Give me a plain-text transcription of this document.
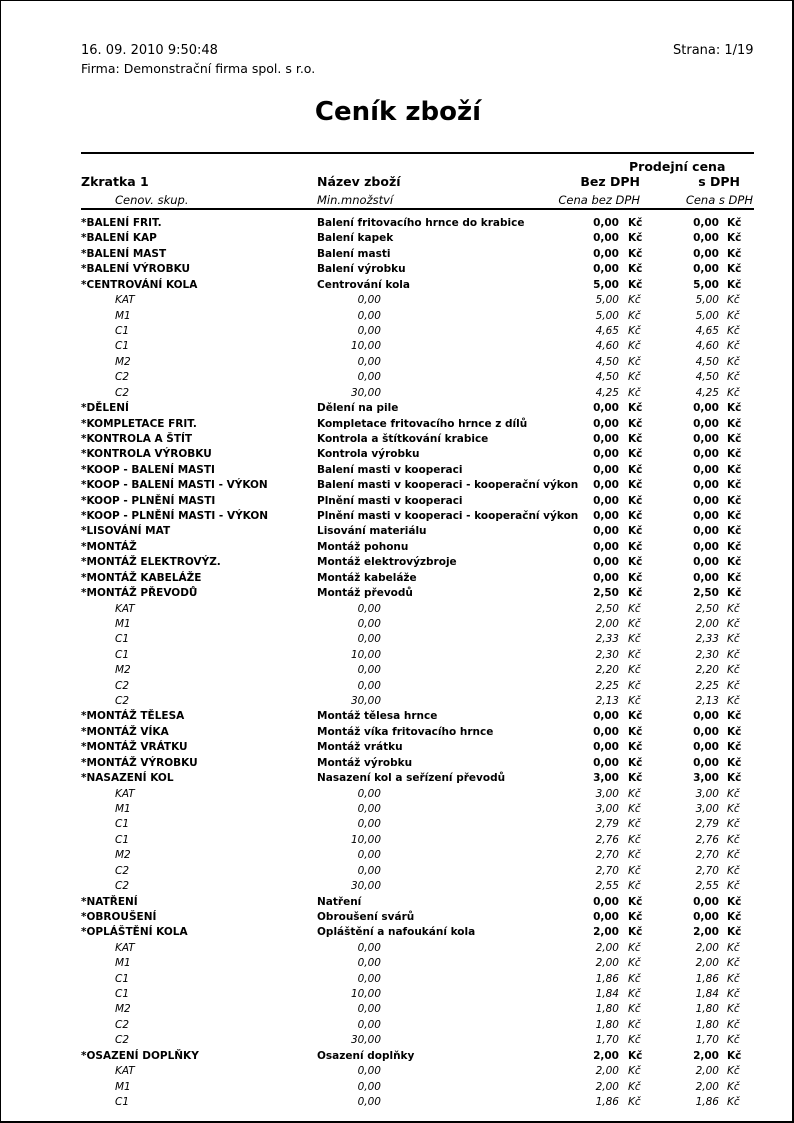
16. 09. 2010 9:50:48	Strana: 1/19
Firma: Demonstrační firma spol. s r.o.
Ceník zboží
Prodejní cena
Zkratka 1	Název zboží	Bez DPH	s DPH
Cenov. skup.	Min.množství	Cena bez DPH	Cena s DPH
*BALENÍ FRIT.	Balení fritovacího hrnce do krabice	0,00 Kč	0,00 Kč
*BALENÍ KAP	Balení kapek	0,00 Kč	0,00 Kč
*BALENÍ MAST	Balení masti	0,00 Kč	0,00 Kč
*BALENÍ VÝROBKU	Balení výrobku	0,00 Kč	0,00 Kč
*CENTROVÁNÍ KOLA	Centrování kola	5,00 Kč	5,00 Kč
KAT	0,00	5,00 Kč	5,00 Kč
M1	0,00	5,00 Kč	5,00 Kč
C1	0,00	4,65 Kč	4,65 Kč
C1	10,00	4,60 Kč	4,60 Kč
M2	0,00	4,50 Kč	4,50 Kč
C2	0,00	4,50 Kč	4,50 Kč
C2	30,00	4,25 Kč	4,25 Kč
*DĚLENÍ	Dělení na pile	0,00 Kč	0,00 Kč
*KOMPLETACE FRIT.	Kompletace fritovacího hrnce z dílů	0,00 Kč	0,00 Kč
*KONTROLA A ŠTÍT	Kontrola a štítkování krabice	0,00 Kč	0,00 Kč
*KONTROLA VÝROBKU	Kontrola výrobku	0,00 Kč	0,00 Kč
*KOOP - BALENÍ MASTI	Balení masti v kooperaci	0,00 Kč	0,00 Kč
*KOOP - BALENÍ MASTI - VÝKON	Balení masti v kooperaci - kooperační výkon	0,00 Kč	0,00 Kč
*KOOP - PLNĚNÍ MASTI	Plnění masti v kooperaci	0,00 Kč	0,00 Kč
*KOOP - PLNĚNÍ MASTI - VÝKON	Plnění masti v kooperaci - kooperační výkon	0,00 Kč	0,00 Kč
*LISOVÁNÍ MAT	Lisování materiálu	0,00 Kč	0,00 Kč
*MONTÁŽ	Montáž pohonu	0,00 Kč	0,00 Kč
*MONTÁŽ ELEKTROVÝZ.	Montáž elektrovýzbroje	0,00 Kč	0,00 Kč
*MONTÁŽ KABELÁŽE	Montáž kabeláže	0,00 Kč	0,00 Kč
*MONTÁŽ PŘEVODŮ	Montáž převodů	2,50 Kč	2,50 Kč
KAT	0,00	2,50 Kč	2,50 Kč
M1	0,00	2,00 Kč	2,00 Kč
C1	0,00	2,33 Kč	2,33 Kč
C1	10,00	2,30 Kč	2,30 Kč
M2	0,00	2,20 Kč	2,20 Kč
C2	0,00	2,25 Kč	2,25 Kč
C2	30,00	2,13 Kč	2,13 Kč
*MONTÁŽ TĚLESA	Montáž tělesa hrnce	0,00 Kč	0,00 Kč
*MONTÁŽ VÍKA	Montáž víka fritovacího hrnce	0,00 Kč	0,00 Kč
*MONTÁŽ VRÁTKU	Montáž vrátku	0,00 Kč	0,00 Kč
*MONTÁŽ VÝROBKU	Montáž výrobku	0,00 Kč	0,00 Kč
*NASAZENÍ KOL	Nasazení kol a seřízení převodů	3,00 Kč	3,00 Kč
KAT	0,00	3,00 Kč	3,00 Kč
M1	0,00	3,00 Kč	3,00 Kč
C1	0,00	2,79 Kč	2,79 Kč
C1	10,00	2,76 Kč	2,76 Kč
M2	0,00	2,70 Kč	2,70 Kč
C2	0,00	2,70 Kč	2,70 Kč
C2	30,00	2,55 Kč	2,55 Kč
*NATŘENÍ	Natření	0,00 Kč	0,00 Kč
*OBROUŠENÍ	Obroušení svárů	0,00 Kč	0,00 Kč
*OPLÁŠTĚNÍ KOLA	Opláštění a nafoukání kola	2,00 Kč	2,00 Kč
KAT	0,00	2,00 Kč	2,00 Kč
M1	0,00	2,00 Kč	2,00 Kč
C1	0,00	1,86 Kč	1,86 Kč
C1	10,00	1,84 Kč	1,84 Kč
M2	0,00	1,80 Kč	1,80 Kč
C2	0,00	1,80 Kč	1,80 Kč
C2	30,00	1,70 Kč	1,70 Kč
*OSAZENÍ DOPLŇKY	Osazení doplňky	2,00 Kč	2,00 Kč
KAT	0,00	2,00 Kč	2,00 Kč
M1	0,00	2,00 Kč	2,00 Kč
C1	0,00	1,86 Kč	1,86 Kč
